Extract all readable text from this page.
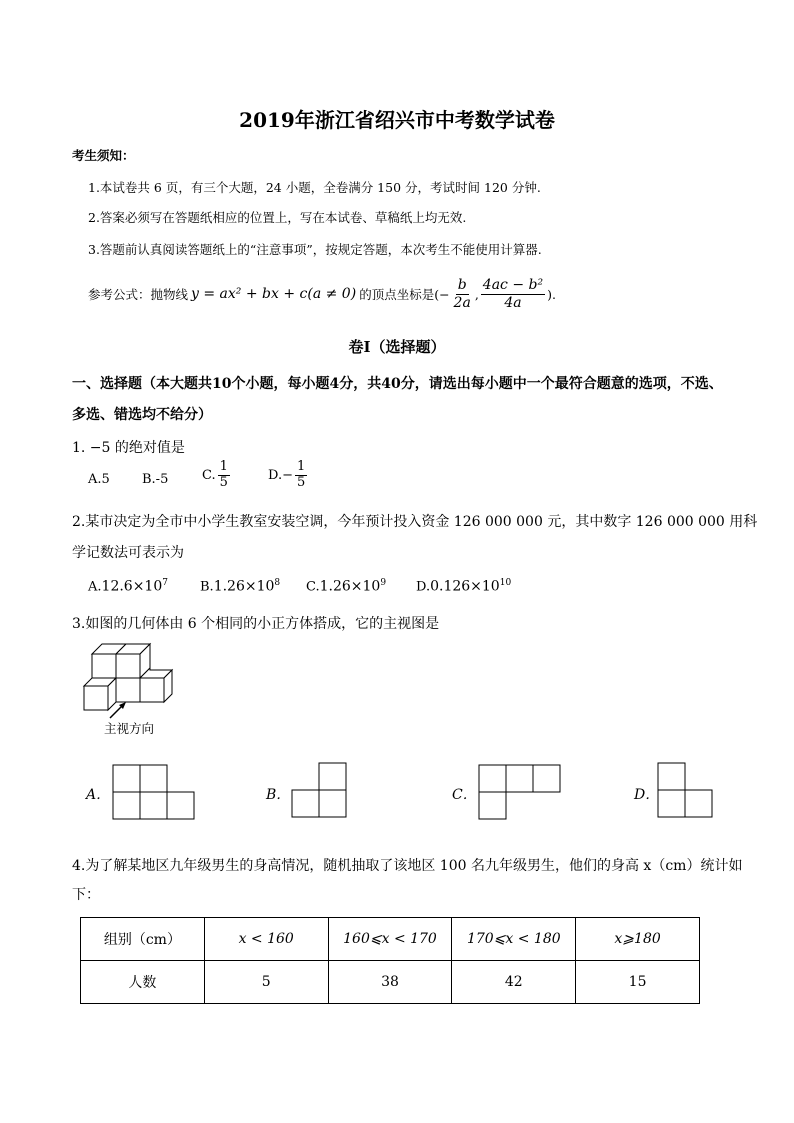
2019年浙江省绍兴市中考数学试卷
考生须知：
1.本试卷共 6 页，有三个大题，24 小题，全卷满分 150 分，考试时间 120 分钟.
2.答案必须写在答题纸相应的位置上，写在本试卷、草稿纸上均无效.
3.答题前认真阅读答题纸上的“注意事项”，按规定答题，本次考生不能使用计算器.
参考公式：抛物线 y = ax² + bx + c(a ≠ 0) 的顶点坐标是(− $\frac{b}{2a}$ , $\frac{\text{4ac − b²}}{4a}$ ).
卷Ⅰ（选择题）
一、选择题（本大题共10个小题，每小题4分，共40分，请选出每小题中一个最符合题意的选项，不选、
多选、错选均不给分）
1. −5 的绝对值是
A.5 B.-5	C. $\frac{1}{5}$	$D.- \frac{1}{5}$
2.某市决定为全市中小学生教室安装空调，今年预计投入资金 126 000 000 元，其中数字 126 000 000 用科
学记数法可表示为
$A.12.6\times 10^7$ $B.1.26\times 10^8$ $C.1.26\times 10^9$ $D.0.126\times 10^{10}$
3.如图的几何体由 6 个相同的小正方体搭成，它的主视图是
主视方向
A．	B．	C．	D．
4.为了解某地区九年级男生的身高情况，随机抽取了该地区 100 名九年级男生，他们的身高 x（cm）统计如
下：
组别（cm）	x < 160	160⩽x < 170	170⩽x < 180	x⩾180
人数	5	38	42	15
